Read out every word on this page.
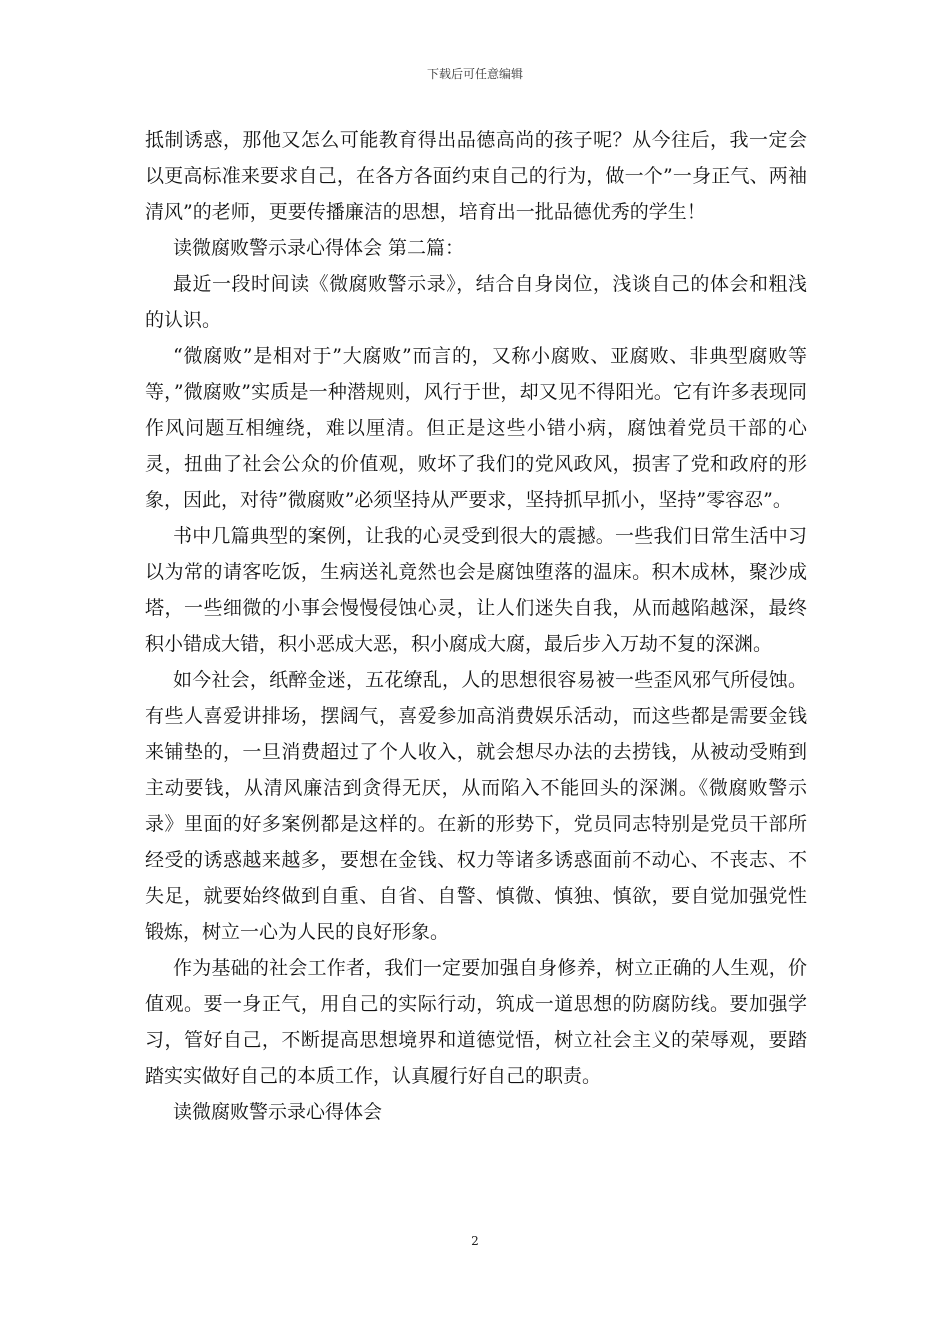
下载后可任意编辑

抵制诱惑，那他又怎么可能教育得出品德高尚的孩子呢？从今往后，我一定会以更高标准来要求自己，在各方各面约束自己的行为，做一个”一身正气、两袖清风”的老师，更要传播廉洁的思想，培育出一批品德优秀的学生！

读微腐败警示录心得体会 第二篇：

最近一段时间读《微腐败警示录》，结合自身岗位，浅谈自己的体会和粗浅的认识。

“微腐败”是相对于”大腐败”而言的，又称小腐败、亚腐败、非典型腐败等等，”微腐败”实质是一种潜规则，风行于世，却又见不得阳光。它有许多表现同作风问题互相缠绕，难以厘清。但正是这些小错小病，腐蚀着党员干部的心灵，扭曲了社会公众的价值观，败坏了我们的党风政风，损害了党和政府的形象，因此，对待”微腐败”必须坚持从严要求，坚持抓早抓小，坚持”零容忍”。

书中几篇典型的案例，让我的心灵受到很大的震撼。一些我们日常生活中习以为常的请客吃饭，生病送礼竟然也会是腐蚀堕落的温床。积木成林，聚沙成塔，一些细微的小事会慢慢侵蚀心灵，让人们迷失自我，从而越陷越深，最终积小错成大错，积小恶成大恶，积小腐成大腐，最后步入万劫不复的深渊。

如今社会，纸醉金迷，五花缭乱，人的思想很容易被一些歪风邪气所侵蚀。有些人喜爱讲排场，摆阔气，喜爱参加高消费娱乐活动，而这些都是需要金钱来铺垫的，一旦消费超过了个人收入，就会想尽办法的去捞钱，从被动受贿到主动要钱，从清风廉洁到贪得无厌，从而陷入不能回头的深渊。《微腐败警示录》里面的好多案例都是这样的。在新的形势下，党员同志特别是党员干部所经受的诱惑越来越多，要想在金钱、权力等诸多诱惑面前不动心、不丧志、不失足，就要始终做到自重、自省、自警、慎微、慎独、慎欲，要自觉加强党性锻炼，树立一心为人民的良好形象。

作为基础的社会工作者，我们一定要加强自身修养，树立正确的人生观，价值观。要一身正气，用自己的实际行动，筑成一道思想的防腐防线。要加强学习，管好自己，不断提高思想境界和道德觉悟，树立社会主义的荣辱观，要踏踏实实做好自己的本质工作，认真履行好自己的职责。

读微腐败警示录心得体会

2
